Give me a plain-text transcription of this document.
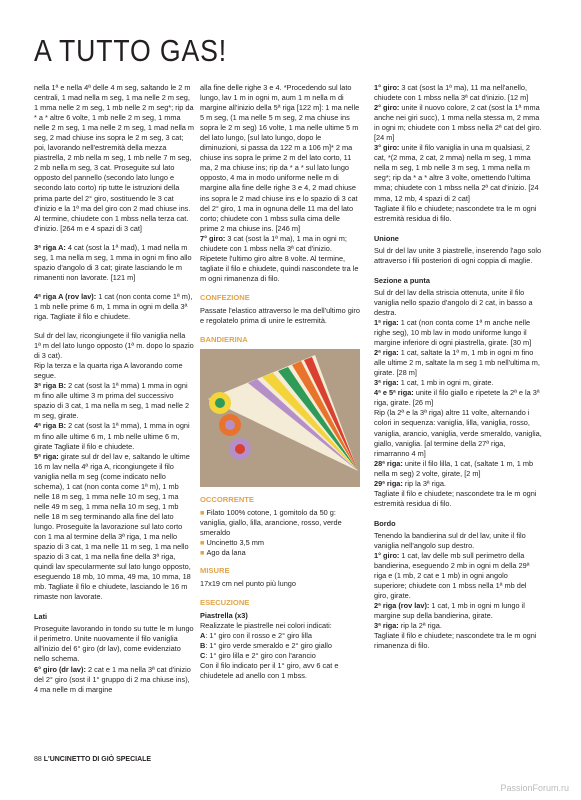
A TUTTO GAS!

nella 1ª e nella 4ª delle 4 m seg, saltando le 2 m centrali, 1 mad nella m seg, 1 ma nelle 2 m seg, 1 mma nelle 2 m seg, 1 mb nelle 2 m seg*; rip da * a * altre 6 volte, 1 mb nelle 2 m seg, 1 mma nelle 2 m seg, 1 ma nelle 2 m seg, 1 mad nella m seg, 2 mad chiuse ins sopra le 2 m seg, 3 cat; poi, lavorando nell'estremità della mezza piastrella, 2 mb nella m seg, 1 mb nelle 7 m seg, 2 mb nella m seg, 3 cat. Proseguite sul lato opposto del pannello (secondo lato lungo e secondo lato corto) rip tutte le istruzioni della prima parte del 2° giro, sostituendo le 3 cat d'inizio e la 1ª ma del giro con 2 mad chiuse ins. Al termine, chiudete con 1 mbss nella terza cat. d'inizio. [264 m e 4 spazi di 3 cat]

3ª riga A: 4 cat (sost la 1ª mad), 1 mad nella m seg, 1 ma nella m seg, 1 mma in ogni m fino allo spazio d'angolo di 3 cat; girate lasciando le m rimanenti non lavorate. [121 m]

4ª riga A (rov lav): 1 cat (non conta come 1ª m), 1 mb nelle prime 6 m, 1 mma in ogni m della 3ª riga. Tagliate il filo e chiudete.

Sul dr del lav, ricongiungete il filo vaniglia nella 1ª m del lato lungo opposto (1ª m. dopo lo spazio di 3 cat).

Rip la terza e la quarta riga A lavorando come segue.

3ª riga B: 2 cat (sost la 1ª mma) 1 mma in ogni m fino alle ultime 3 m prima del successivo spazio di 3 cat, 1 ma nella m seg, 1 mad nelle 2 m seg, girate.

4ª riga B: 2 cat (sost la 1ª mma), 1 mma in ogni m fino alle ultime 6 m, 1 mb nelle ultime 6 m, girate Tagliate il filo e chiudete.

5ª riga: girate sul dr del lav e, saltando le ultime 16 m lav nella 4ª riga A, ricongiungete il filo vaniglia nella m seg (come indicato nello schema), 1 cat (non conta come 1ª m), 1 mb nelle 18 m seg, 1 mma nelle 10 m seg, 1 ma nelle 49 m seg, 1 mma nella 10 m seg, 1 mb nelle 18 m seg terminando alla fine del lato lungo. Proseguite la lavorazione sul lato corto con 1 ma al termine della 3ª riga, 1 ma nello spazio di 3 cat, 1 ma nelle 11 m seg, 1 ma nello spazio di 3 cat, 1 ma nella fine della 3ª riga, quindi lav specularmente sul lato lungo opposto, eseguendo 18 mb, 10 mma, 49 ma, 10 mma, 18 mb. Tagliate il filo e chiudete, lasciando le 16 m rimaste non lavorate.

Lati

Proseguite lavorando in tondo su tutte le m lungo il perimetro. Unite nuovamente il filo vaniglia all'inizio del 6° giro (dr lav), come evidenziato nello schema.

6° giro (dr lav): 2 cat e 1 ma nella 3ª cat d'inizio del 2° giro (sost il 1° gruppo di 2 ma chiuse ins), 4 ma nelle m di margine

alla fine delle righe 3 e 4. *Procedendo sul lato lungo, lav 1 m in ogni m, aum 1 m nella m di margine all'inizio della 5ª riga [122 m]: 1 ma nelle 5 m seg, (1 ma nelle 5 m seg, 2 ma chiuse ins sopra le 2 m seg) 16 volte, 1 ma nelle ultime 5 m del lato lungo, [sul lato lungo, dopo le diminuzioni, si passa da 122 m a 106 m]* 2 ma chiuse ins sopra le prime 2 m del lato corto, 11 ma, 2 ma chiuse ins; rip da * a * sul lato lungo opposto, 4 ma in modo uniforme nelle m di margine alla fine delle righe 3 e 4, 2 mad chiuse ins sopra le 2 mad chiuse ins e lo spazio di 3 cat del 2° giro, 1 ma in ognuna delle 11 ma del lato corto; chiudete con 1 mbss sulla cima delle prime 2 ma chiuse ins. [246 m]

7° giro: 3 cat (sost la 1ª ma), 1 ma in ogni m; chiudete con 1 mbss nella 3ª cat d'inizio. Ripetete l'ultimo giro altre 8 volte. Al termine, tagliate il filo e chiudete, quindi nascondete tra le m ogni rimanenza di filo.

CONFEZIONE

Passate l'elastico attraverso le ma dell'ultimo giro e regolatelo prima di unire le estremità.

BANDIERINA
OCCORRENTE
■ Filato 100% cotone, 1 gomitolo da 50 g: vaniglia, giallo, lilla, arancione, rosso, verde smeraldo
■ Uncinetto 3,5 mm
■ Ago da lana
MISURE
17x19 cm nel punto più lungo
ESECUZIONE
Piastrella (x3)
Realizzate le piastrelle nei colori indicati:
A: 1° giro con il rosso e 2° giro lilla
B: 1° giro verde smeraldo e 2° giro giallo
C: 1° giro lilla e 2° giro con l'arancio
Con il filo indicato per il 1° giro, avv 6 cat e chiudetele ad anello con 1 mbss.

1° giro: 3 cat (sost la 1ª ma), 11 ma nell'anello, chiudete con 1 mbss nella 3ª cat d'inizio. [12 m]

2° giro: unite il nuovo colore, 2 cat (sost la 1ª mma anche nei giri succ), 1 mma nella stessa m, 2 mma in ogni m; chiudete con 1 mbss nella 2ª cat del giro. [24 m]

3° giro: unite il filo vaniglia in una m qualsiasi, 2 cat, *(2 mma, 2 cat, 2 mma) nella m seg, 1 mma nella m seg, 1 mb nelle 3 m seg, 1 mma nella m seg*; rip da * a * altre 3 volte, omettendo l'ultima mma; chiudete con 1 mbss nella 2ª cat d'inizio. [24 mma, 12 mb, 4 spazi di 2 cat]

Tagliate il filo e chiudete; nascondete tra le m ogni estremità residua di filo.

Unione

Sul dr del lav unite 3 piastrelle, inserendo l'ago solo attraverso i fili posteriori di ogni coppia di maglie.

Sezione a punta

Sul dr del lav della striscia ottenuta, unite il filo vaniglia nello spazio d'angolo di 2 cat, in basso a destra.

1ª riga: 1 cat (non conta come 1ª m anche nelle righe seg), 10 mb lav in modo uniforme lungo il margine inferiore di ogni piastrella, girate. [30 m]

2ª riga: 1 cat, saltate la 1ª m, 1 mb in ogni m fino alle ultime 2 m, saltate la m seg 1 mb nell'ultima m, girate. [28 m]

3ª riga: 1 cat, 1 mb in ogni m, girate.

4ª e 5ª riga: unite il filo giallo e ripetete la 2ª e la 3ª riga, girate. [26 m]

Rip (la 2ª e la 3ª riga) altre 11 volte, alternando i colori in sequenza: vaniglia, lilla, vaniglia, rosso, vaniglia, arancio, vaniglia, verde smeraldo, vaniglia, giallo, vaniglia. [al termine della 27ª riga, rimarranno 4 m]

28ª riga: unite il filo lilla, 1 cat, (saltate 1 m, 1 mb nella m seg) 2 volte, girate, [2 m]

29ª riga: rip la 3ª riga.

Tagliate il filo e chiudete; nascondete tra le m ogni estremità residua di filo.

Bordo

Tenendo la bandierina sul dr del lav, unite il filo vaniglia nell'angolo sup destro.

1° giro: 1 cat, lav delle mb sull perimetro della bandierina, eseguendo 2 mb in ogni m della 29ª riga e (1 mb, 2 cat e 1 mb) in ogni angolo superiore; chiudete con 1 mbss nella 1ª mb del giro, girate.

2ª riga (rov lav): 1 cat, 1 mb in ogni m lungo il margine sup della bandierina, girate.

3ª riga: rip la 2ª riga.

Tagliate il filo e chiudete; nascondete tra le m ogni rimanenza di filo.

88 L'UNCINETTO DI GIÒ SPECIALE
PassionForum.ru
